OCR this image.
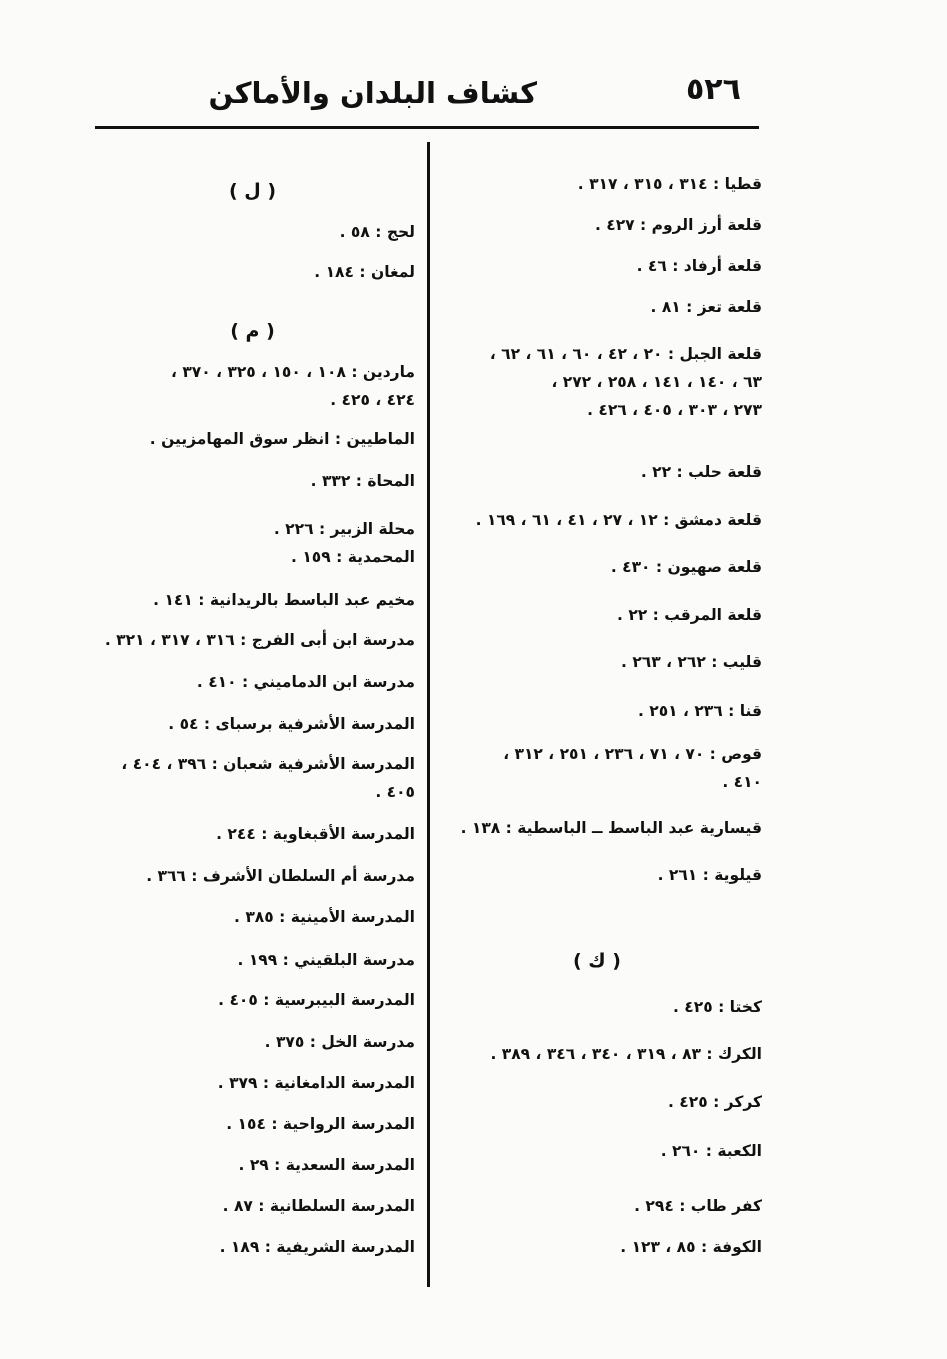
٥٢٦
كشاف البلدان والأماكن
قطيا : ٣١٤ ، ٣١٥ ، ٣١٧ .
قلعة أرز الروم : ٤٢٧ .
قلعة أرفاد : ٤٦ .
قلعة تعز : ٨١ .
قلعة الجبل : ٢٠ ، ٤٢ ، ٦٠ ، ٦١ ، ٦٢ ،
٦٣ ، ١٤٠ ، ١٤١ ، ٢٥٨ ، ٢٧٢ ،
٢٧٣ ، ٣٠٣ ، ٤٠٥ ، ٤٢٦ .
قلعة حلب : ٢٢ .
قلعة دمشق : ١٢ ، ٢٧ ، ٤١ ، ٦١ ، ١٦٩ .
قلعة صهيون : ٤٣٠ .
قلعة المرقب : ٢٢ .
قليب : ٢٦٢ ، ٢٦٣ .
قنا : ٢٣٦ ، ٢٥١ .
قوص : ٧٠ ، ٧١ ، ٢٣٦ ، ٢٥١ ، ٣١٢ ،
٤١٠ .
قيسارية عبد الباسط ــ الباسطية : ١٣٨ .
قيلوية : ٢٦١ .
( ك )
كختا : ٤٢٥ .
الكرك : ٨٣ ، ٣١٩ ، ٣٤٠ ، ٣٤٦ ، ٣٨٩ .
كركر : ٤٢٥ .
الكعبة : ٢٦٠ .
كفر طاب : ٢٩٤ .
الكوفة : ٨٥ ، ١٢٣ .
( ل )
لحج : ٥٨ .
لمغان : ١٨٤ .
( م )
ماردين : ١٠٨ ، ١٥٠ ، ٣٢٥ ، ٣٧٠ ،
٤٢٤ ، ٤٢٥ .
الماطيين : انظر سوق المهامزيين .
المحاة : ٣٣٢ .
محلة الزبير : ٢٢٦ .
المحمدية : ١٥٩ .
مخيم عبد الباسط بالريدانية : ١٤١ .
مدرسة ابن أبى الفرج : ٣١٦ ، ٣١٧ ، ٣٢١ .
مدرسة ابن الدماميني : ٤١٠ .
المدرسة الأشرفية برسباى : ٥٤ .
المدرسة الأشرفية شعبان : ٣٩٦ ، ٤٠٤ ،
٤٠٥ .
المدرسة الأقبغاوية : ٢٤٤ .
مدرسة أم السلطان الأشرف : ٣٦٦ .
المدرسة الأمينية : ٣٨٥ .
مدرسة البلقيني : ١٩٩ .
المدرسة البيبرسية : ٤٠٥ .
مدرسة الخل : ٣٧٥ .
المدرسة الدامغانية : ٣٧٩ .
المدرسة الرواحية : ١٥٤ .
المدرسة السعدية : ٢٩ .
المدرسة السلطانية : ٨٧ .
المدرسة الشريفية : ١٨٩ .
